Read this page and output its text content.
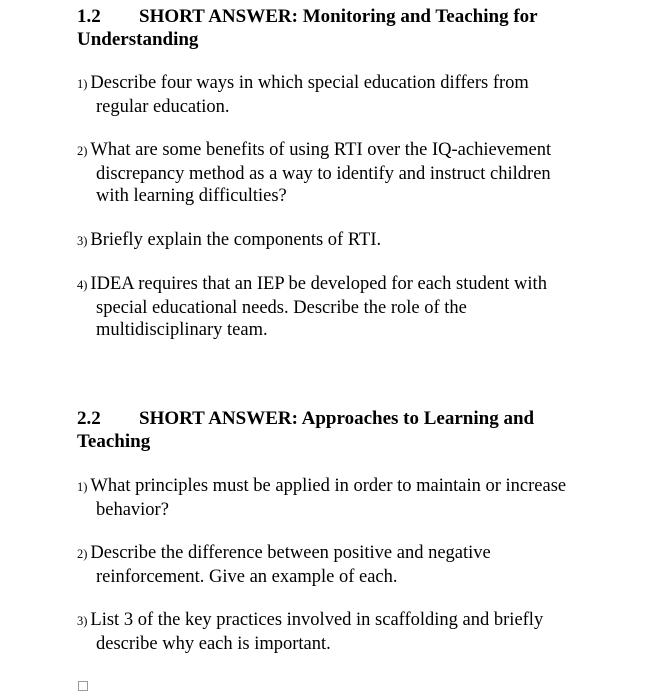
1.2 SHORT ANSWER: Monitoring and Teaching for Understanding

1) Describe four ways in which special education differs from regular education.

2) What are some benefits of using RTI over the IQ-achievement discrepancy method as a way to identify and instruct children with learning difficulties?

3) Briefly explain the components of RTI.

4) IDEA requires that an IEP be developed for each student with special educational needs. Describe the role of the multidisciplinary team.

2.2 SHORT ANSWER: Approaches to Learning and Teaching

1) What principles must be applied in order to maintain or increase behavior?

2) Describe the difference between positive and negative reinforcement. Give an example of each.

3) List 3 of the key practices involved in scaffolding and briefly describe why each is important.
